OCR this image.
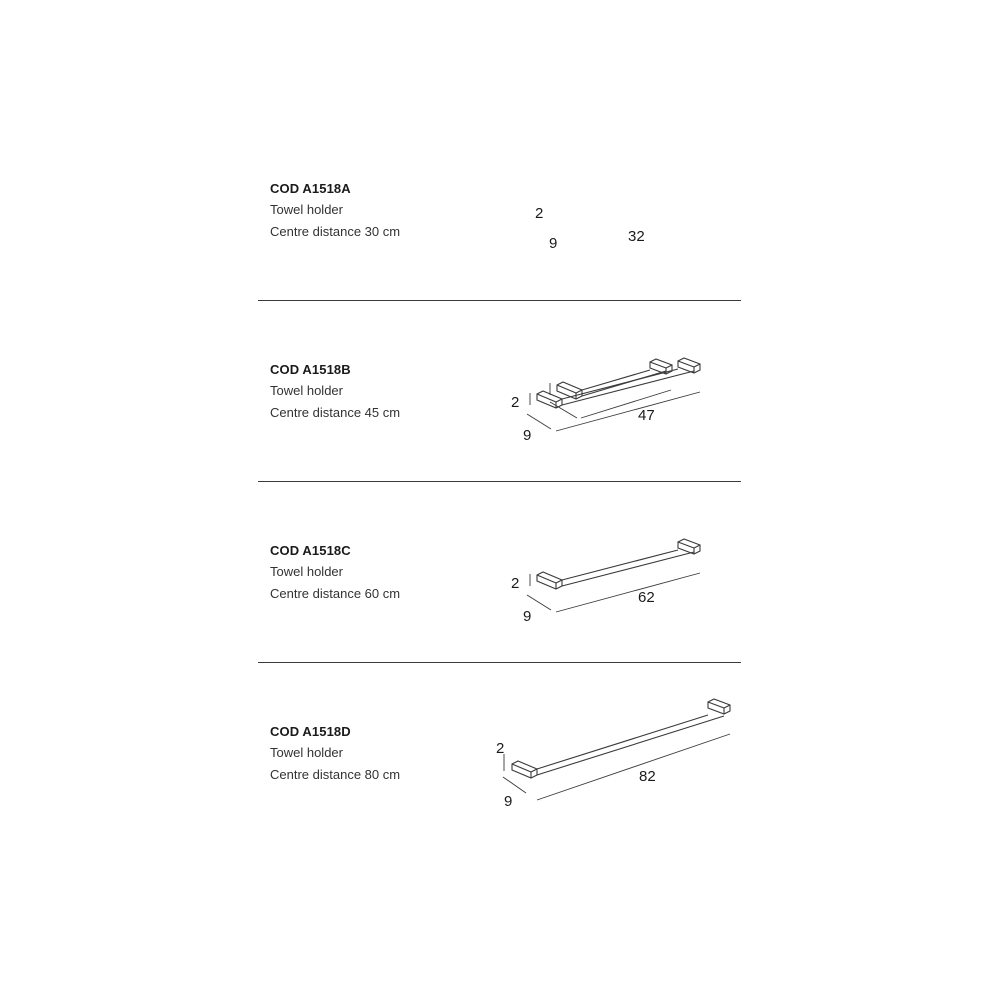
COD A1518A
Towel holder
Centre distance 30 cm
2
9	32
COD A1518B
Towel holder
Centre distance 45 cm
2
9
47
COD A1518C
Towel holder
Centre distance 60 cm
2
9
62
COD A1518D
Towel holder
Centre distance 80 cm
2
9
82
